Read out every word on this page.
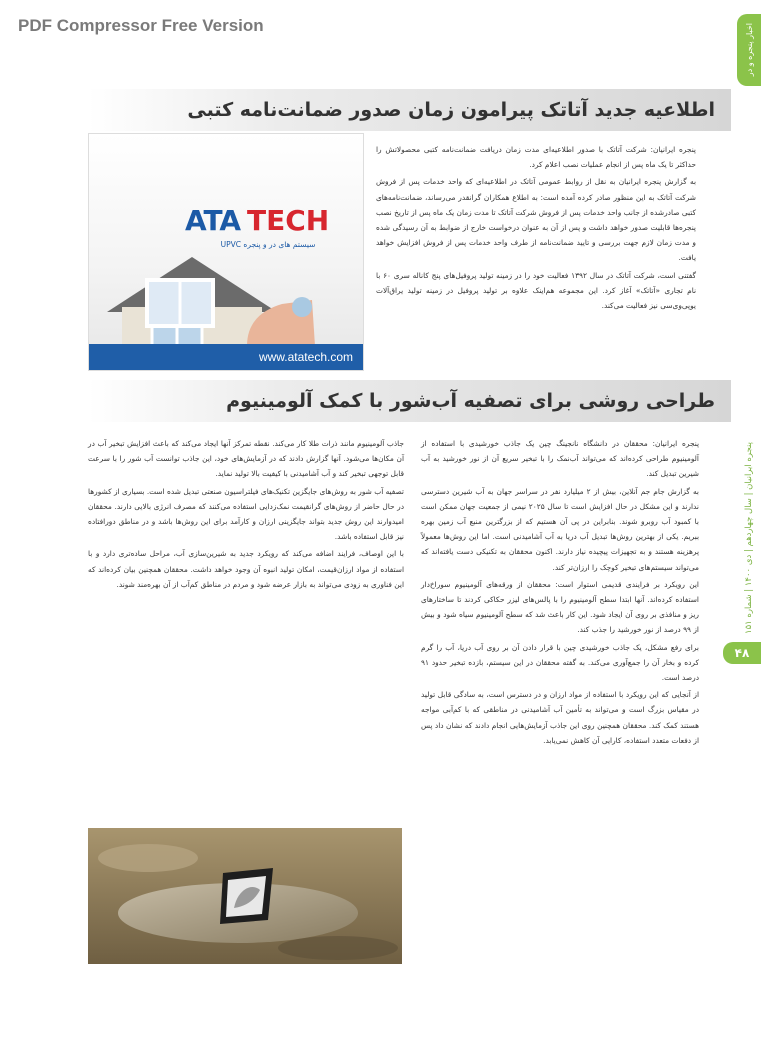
PDF Compressor Free Version	اخبار پنجره و در
پنجره ایرانیان | سال چهاردهم | دی ۱۴۰۰ | شماره ۱۵۱
۴۸
اطلاعیه جدید آتاتک پیرامون زمان صدور ضمانت‌نامه کتبی
ATA TECH
سیستم های در و پنجره UPVC
www.atatech.com

پنجره ایرانیان: شرکت آتاتک با صدور اطلاعیه‌ای مدت زمان دریافت ضمانت‌نامه کتبی محصولاتش را حداکثر تا یک ماه پس از انجام عملیات نصب اعلام کرد.

به گزارش پنجره ایرانیان به نقل از روابط عمومی آتاتک در اطلاعیه‌ای که واحد خدمات پس از فروش شرکت آتاتک به این منظور صادر کرده آمده است: به اطلاع همکاران گرانقدر می‌رساند، ضمانت‌نامه‌های کتبی صادرشده از جانب واحد خدمات پس از فروش شرکت آتاتک تا مدت زمان یک ماه پس از تاریخ نصب پنجره‌ها قابلیت صدور خواهد داشت و پس از آن به عنوان درخواست خارج از ضوابط به آن رسیدگی شده و مدت زمان لازم جهت بررسی و تایید ضمانت‌نامه از طرف واحد خدمات پس از فروش افزایش خواهد یافت.

گفتنی است، شرکت آتاتک در سال ۱۳۹۲ فعالیت خود را در زمینه تولید پروفیل‌های پنج کاناله سری ۶۰ با نام تجاری «آتاتک» آغاز کرد. این مجموعه هم‌اینک علاوه بر تولید پروفیل در زمینه تولید یراق‌آلات یوپی‌وی‌سی نیز فعالیت می‌کند.

طراحی روشی برای تصفیه آب‌شور با کمک آلومینیوم

پنجره ایرانیان: محققان در دانشگاه نانجینگ چین یک جاذب خورشیدی با استفاده از آلومینیوم طراحی کرده‌اند که می‌تواند آب‌نمک را با تبخیر سریع آن از نور خورشید به آب شیرین تبدیل کند.

به گزارش جام جم آنلاین، بیش از ۲ میلیارد نفر در سراسر جهان به آب شیرین دسترسی ندارند و این مشکل در حال افزایش است تا سال ۲۰۲۵ نیمی از جمعیت جهان ممکن است با کمبود آب روبرو شوند. بنابراین در پی آن هستیم که از بزرگترین منبع آب زمین بهره ببریم. یکی از بهترین روش‌ها تبدیل آب دریا به آب آشامیدنی است. اما این روش‌ها معمولاً پرهزینه هستند و به تجهیزات پیچیده نیاز دارند. اکنون محققان به تکنیکی دست یافته‌اند که می‌تواند سیستم‌های تبخیر کوچک را ارزان‌تر کند.

این رویکرد بر فرایندی قدیمی استوار است: محققان از ورقه‌های آلومینیوم سوراخ‌دار استفاده کرده‌اند. آنها ابتدا سطح آلومینیوم را با پالس‌های لیزر حکاکی کردند تا ساختارهای ریز و منافذی بر روی آن ایجاد شود. این کار باعث شد که سطح آلومینیوم سیاه شود و بیش از ۹۹ درصد از نور خورشید را جذب کند.

برای رفع مشکل، یک جاذب خورشیدی چین با قرار دادن آن بر روی آب دریا، آب را گرم کرده و بخار آن را جمع‌آوری می‌کند. به گفته محققان در این سیستم، بازده تبخیر حدود ۹۱ درصد است.

از آنجایی که این رویکرد با استفاده از مواد ارزان و در دسترس است، به سادگی قابل تولید در مقیاس بزرگ است و می‌تواند به تأمین آب آشامیدنی در مناطقی که با کم‌آبی مواجه هستند کمک کند. محققان همچنین روی این جاذب آزمایش‌هایی انجام دادند که نشان داد پس از دفعات متعدد استفاده، کارایی آن کاهش نمی‌یابد.

جاذب آلومینیوم مانند ذرات طلا کار می‌کند. نقطه تمرکز آنها ایجاد می‌کند که باعث افزایش تبخیر آب در آن مکان‌ها می‌شود. آنها گزارش دادند که در آزمایش‌های خود، این جاذب توانست آب شور را با سرعت قابل توجهی تبخیر کند و آب آشامیدنی با کیفیت بالا تولید نماید.

تصفیه آب شور به روش‌های جایگزین تکنیک‌های فیلتراسیون صنعتی تبدیل شده است. بسیاری از کشورها در حال حاضر از روش‌های گرانقیمت نمک‌زدایی استفاده می‌کنند که مصرف انرژی بالایی دارند. محققان امیدوارند این روش جدید بتواند جایگزینی ارزان و کارآمد برای این روش‌ها باشد و در مناطق دورافتاده نیز قابل استفاده باشد.

با این اوصاف، فرایند اضافه می‌کند که رویکرد جدید به شیرین‌سازی آب، مراحل ساده‌تری دارد و با استفاده از مواد ارزان‌قیمت، امکان تولید انبوه آن وجود خواهد داشت. محققان همچنین بیان کرده‌اند که این فناوری به زودی می‌تواند به بازار عرضه شود و مردم در مناطق کم‌آب از آن بهره‌مند شوند.
